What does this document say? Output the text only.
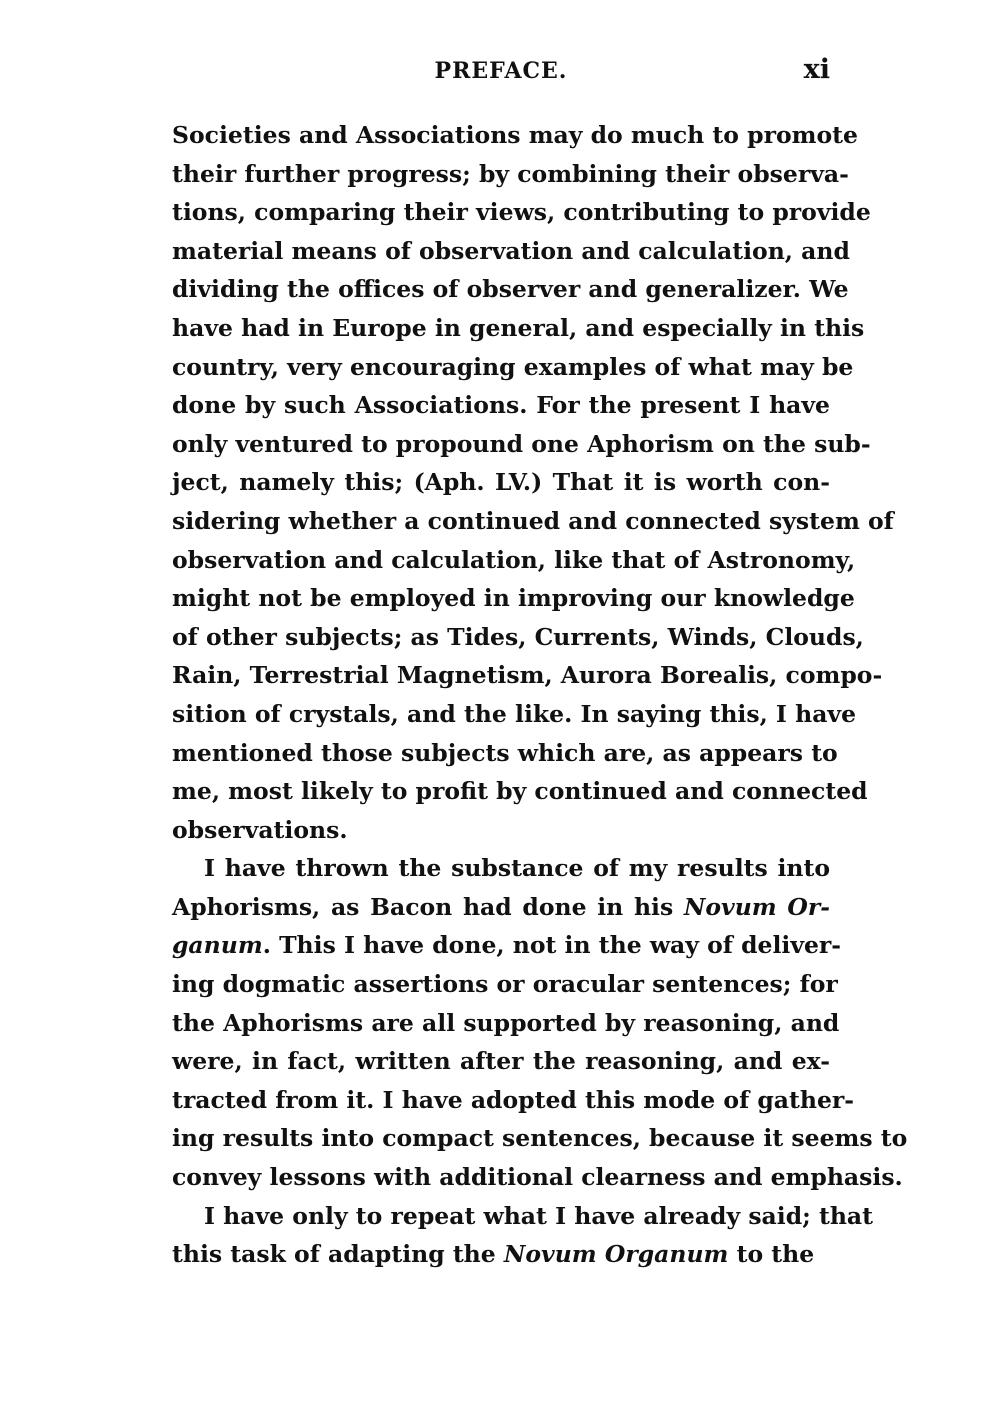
PREFACE.	xi
Societies and Associations may do much to promote
their further progress; by combining their observa-
tions, comparing their views, contributing to provide
material means of observation and calculation, and
dividing the offices of observer and generalizer. We
have had in Europe in general, and especially in this
country, very encouraging examples of what may be
done by such Associations. For the present I have
only ventured to propound one Aphorism on the sub-
ject, namely this; (Aph. LV.) That it is worth con-
sidering whether a continued and connected system of
observation and calculation, like that of Astronomy,
might not be employed in improving our knowledge
of other subjects; as Tides, Currents, Winds, Clouds,
Rain, Terrestrial Magnetism, Aurora Borealis, compo-
sition of crystals, and the like. In saying this, I have
mentioned those subjects which are, as appears to
me, most likely to profit by continued and connected
observations.
I have thrown the substance of my results into
Aphorisms, as Bacon had done in his Novum Or-
ganum. This I have done, not in the way of deliver-
ing dogmatic assertions or oracular sentences; for
the Aphorisms are all supported by reasoning, and
were, in fact, written after the reasoning, and ex-
tracted from it. I have adopted this mode of gather-
ing results into compact sentences, because it seems to
convey lessons with additional clearness and emphasis.
I have only to repeat what I have already said; that
this task of adapting the Novum Organum to the
